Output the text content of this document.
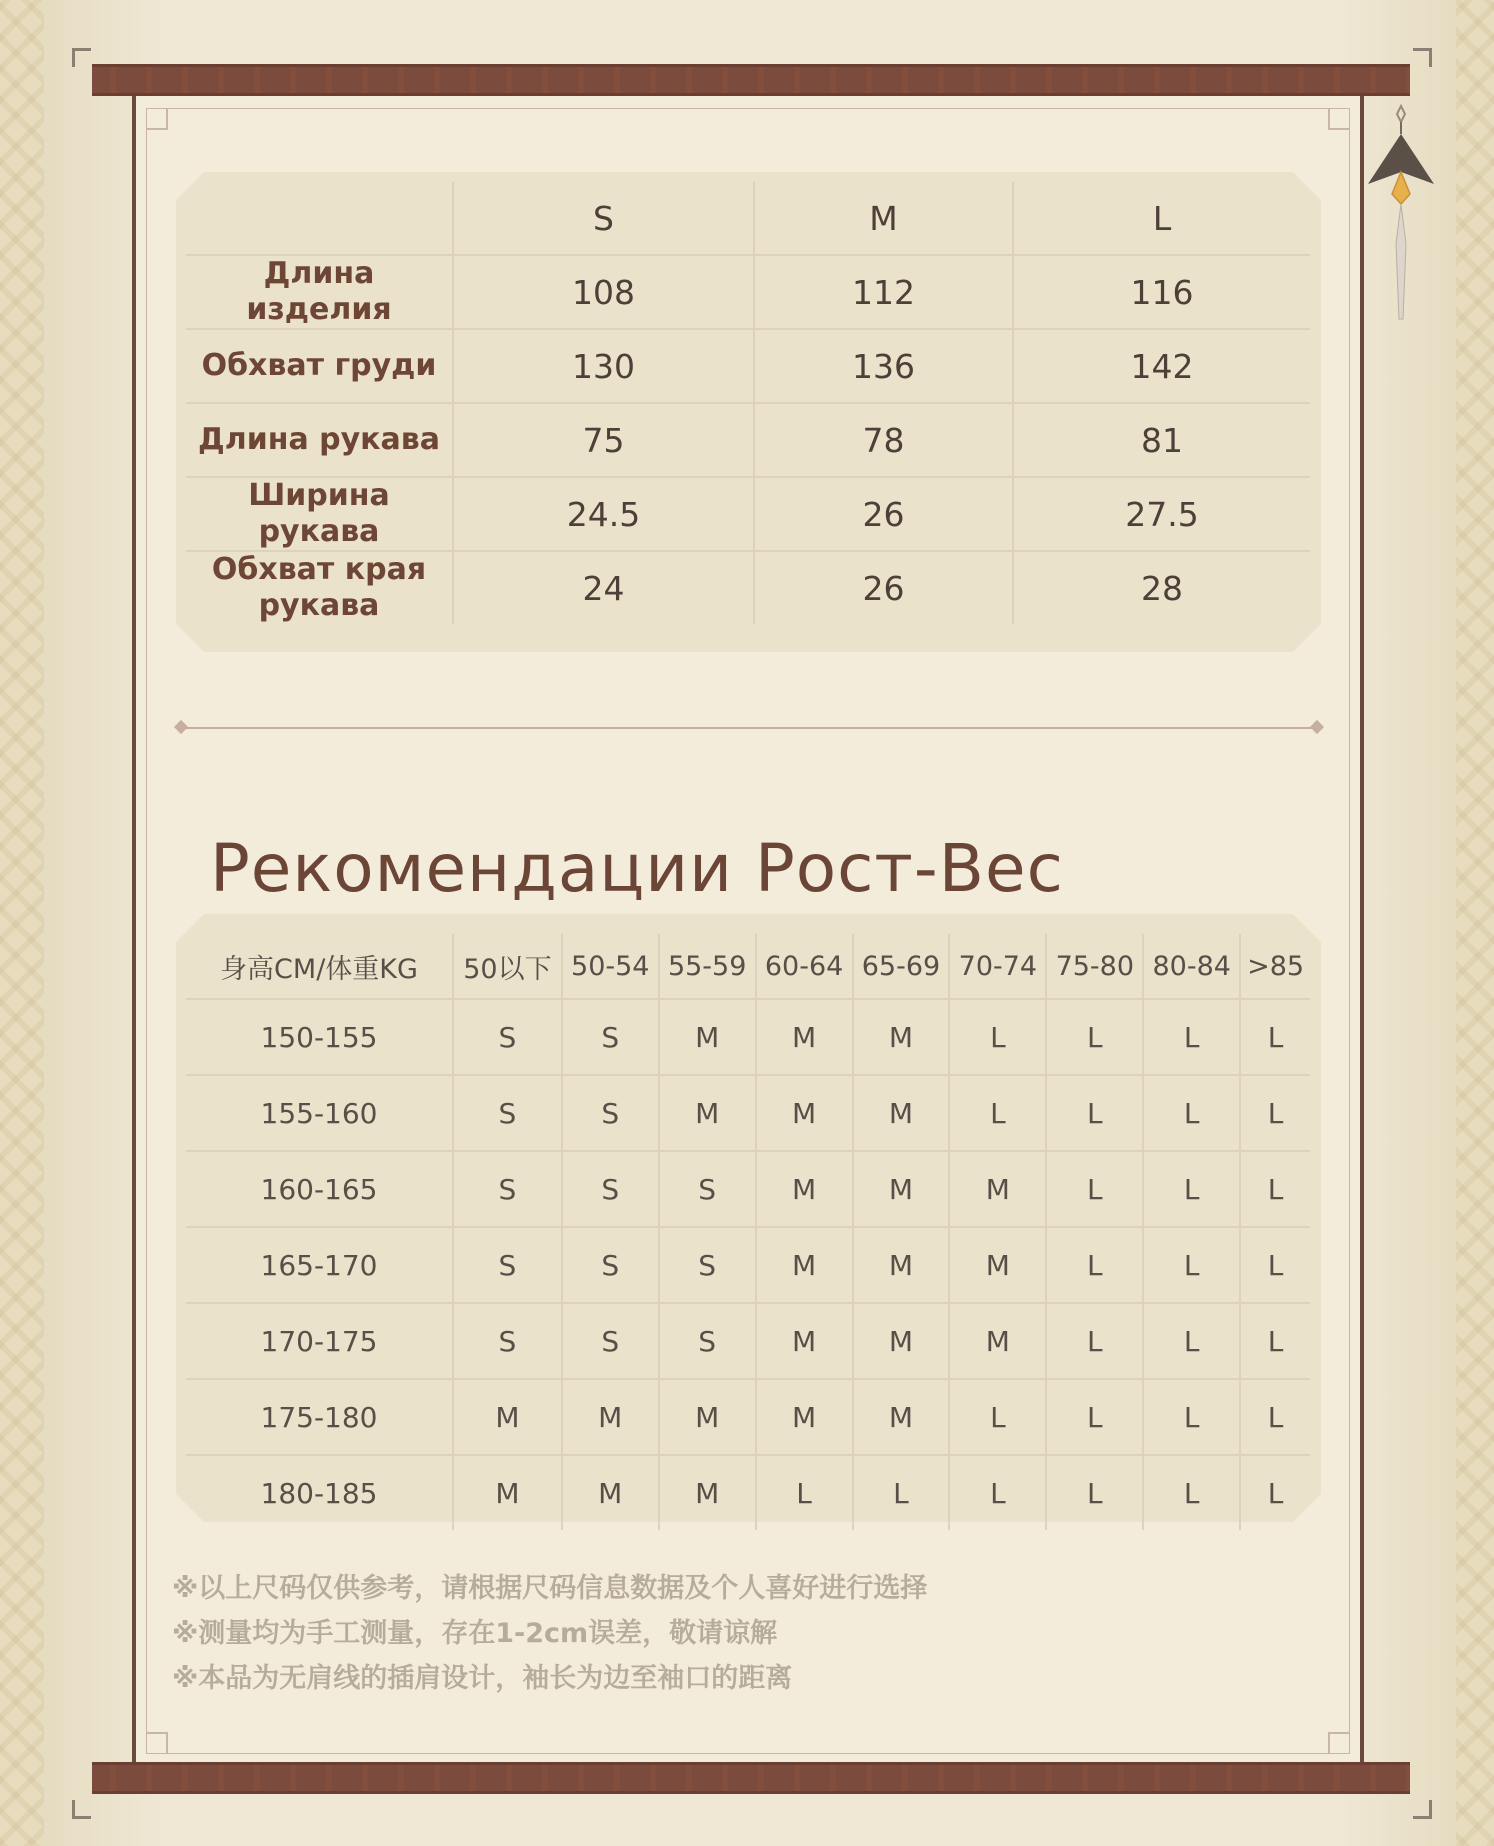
	S	M	L
Длина изделия	108	112	116
Обхват груди	130	136	142
Длина рукава	75	78	81
Ширина рукава	24.5	26	27.5
Обхват края рукава	24	26	28
Рекомендации Рост-Вес
身高CM/体重KG	50以下	50-54	55-59	60-64	65-69	70-74	75-80	80-84	>85
150-155	S	S	M	M	M	L	L	L	L
155-160	S	S	M	M	M	L	L	L	L
160-165	S	S	S	M	M	M	L	L	L
165-170	S	S	S	M	M	M	L	L	L
170-175	S	S	S	M	M	M	L	L	L
175-180	M	M	M	M	M	L	L	L	L
180-185	M	M	M	L	L	L	L	L	L
※以上尺码仅供参考，请根据尺码信息数据及个人喜好进行选择
※测量均为手工测量，存在1-2cm误差，敬请谅解
※本品为无肩线的插肩设计，袖长为边至袖口的距离
